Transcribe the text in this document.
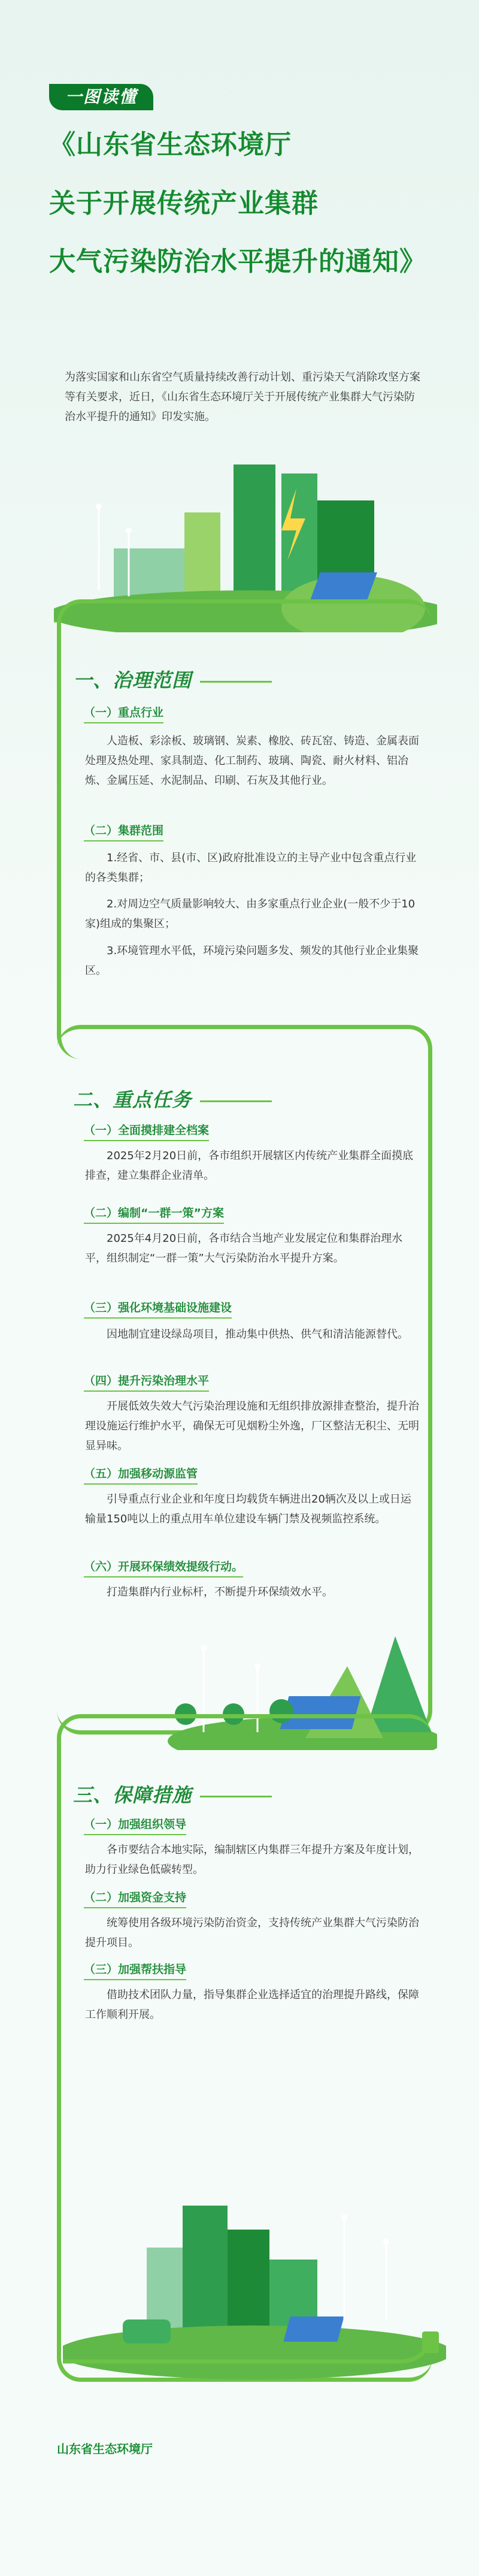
一图读懂
《山东省生态环境厅
关于开展传统产业集群
大气污染防治水平提升的通知》
为落实国家和山东省空气质量持续改善行动计划、重污染天气消除攻坚方案等有关要求，近日，《山东省生态环境厅关于开展传统产业集群大气污染防治水平提升的通知》印发实施。
一、治理范围
（一）重点行业
人造板、彩涂板、玻璃钢、炭素、橡胶、砖瓦窑、铸造、金属表面处理及热处理、家具制造、化工制药、玻璃、陶瓷、耐火材料、铝冶炼、金属压延、水泥制品、印刷、石灰及其他行业。
（二）集群范围
1.经省、市、县(市、区)政府批准设立的主导产业中包含重点行业的各类集群；
2.对周边空气质量影响较大、由多家重点行业企业(一般不少于10家)组成的集聚区；
3.环境管理水平低，环境污染问题多发、频发的其他行业企业集聚区。
二、重点任务
（一）全面摸排建全档案
2025年2月20日前，各市组织开展辖区内传统产业集群全面摸底排查，建立集群企业清单。
（二）编制“一群一策”方案
2025年4月20日前，各市结合当地产业发展定位和集群治理水平，组织制定“一群一策”大气污染防治水平提升方案。
（三）强化环境基础设施建设
因地制宜建设绿岛项目，推动集中供热、供气和清洁能源替代。
（四）提升污染治理水平
开展低效失效大气污染治理设施和无组织排放源排查整治，提升治理设施运行维护水平，确保无可见烟粉尘外逸，厂区整洁无积尘、无明显异味。
（五）加强移动源监管
引导重点行业企业和年度日均载货车辆进出20辆次及以上或日运输量150吨以上的重点用车单位建设车辆门禁及视频监控系统。
（六）开展环保绩效提级行动。
打造集群内行业标杆，不断提升环保绩效水平。
三、保障措施
（一）加强组织领导
各市要结合本地实际，编制辖区内集群三年提升方案及年度计划，助力行业绿色低碳转型。
（二）加强资金支持
统筹使用各级环境污染防治资金，支持传统产业集群大气污染防治提升项目。
（三）加强帮扶指导
借助技术团队力量，指导集群企业选择适宜的治理提升路线，保障工作顺利开展。
山东省生态环境厅
